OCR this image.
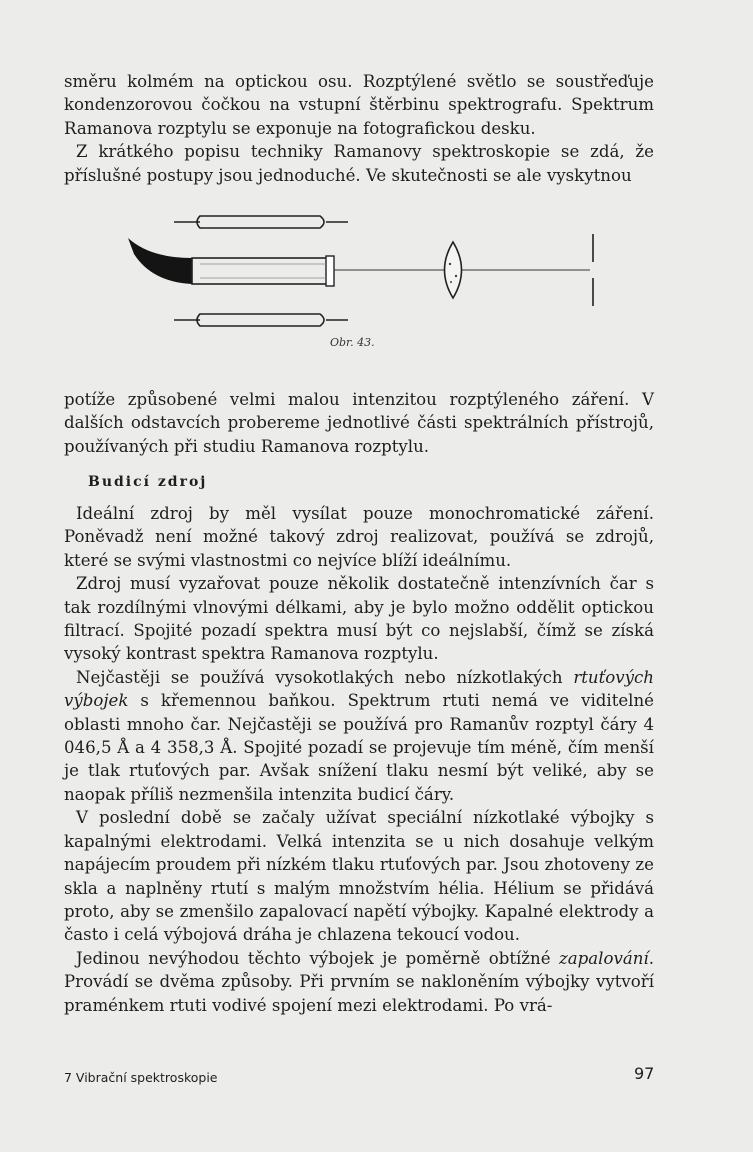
směru kolmém na optickou osu. Rozptýlené světlo se soustřeďuje kondenzorovou čočkou na vstupní štěrbinu spektrografu. Spektrum Ramanova rozptylu se exponuje na fotografickou desku.

Z krátkého popisu techniky Ramanovy spektroskopie se zdá, že příslušné postupy jsou jednoduché. Ve skutečnosti se ale vyskytnou

Obr. 43.

potíže způsobené velmi malou intenzitou rozptýleného záření. V dalších odstavcích probereme jednotlivé části spektrálních přístrojů, používaných při studiu Ramanova rozptylu.

Budicí zdroj

Ideální zdroj by měl vysílat pouze monochromatické záření. Poněvadž není možné takový zdroj realizovat, používá se zdrojů, které se svými vlastnostmi co nejvíce blíží ideálnímu.

Zdroj musí vyzařovat pouze několik dostatečně intenzívních čar s tak rozdílnými vlnovými délkami, aby je bylo možno oddělit optickou filtrací. Spojité pozadí spektra musí být co nejslabší, čímž se získá vysoký kontrast spektra Ramanova rozptylu.

Nejčastěji se používá vysokotlakých nebo nízkotlakých rtuťových výbojek s křemennou baňkou. Spektrum rtuti nemá ve viditelné oblasti mnoho čar. Nejčastěji se používá pro Ramanův rozptyl čáry 4 046,5 Å a 4 358,3 Å. Spojité pozadí se projevuje tím méně, čím menší je tlak rtuťových par. Avšak snížení tlaku nesmí být veliké, aby se naopak příliš nezmenšila intenzita budicí čáry.

V poslední době se začaly užívat speciální nízkotlaké výbojky s kapalnými elektrodami. Velká intenzita se u nich dosahuje velkým napájecím proudem při nízkém tlaku rtuťových par. Jsou zhotoveny ze skla a naplněny rtutí s malým množstvím hélia. Hélium se přidává proto, aby se zmenšilo zapalovací napětí výbojky. Kapalné elektrody a často i celá výbojová dráha je chlazena tekoucí vodou.

Jedinou nevýhodou těchto výbojek je poměrně obtížné zapalování. Provádí se dvěma způsoby. Při prvním se nakloněním výbojky vytvoří praménkem rtuti vodivé spojení mezi elektrodami. Po vrá-

7 Vibrační spektroskopie	97
